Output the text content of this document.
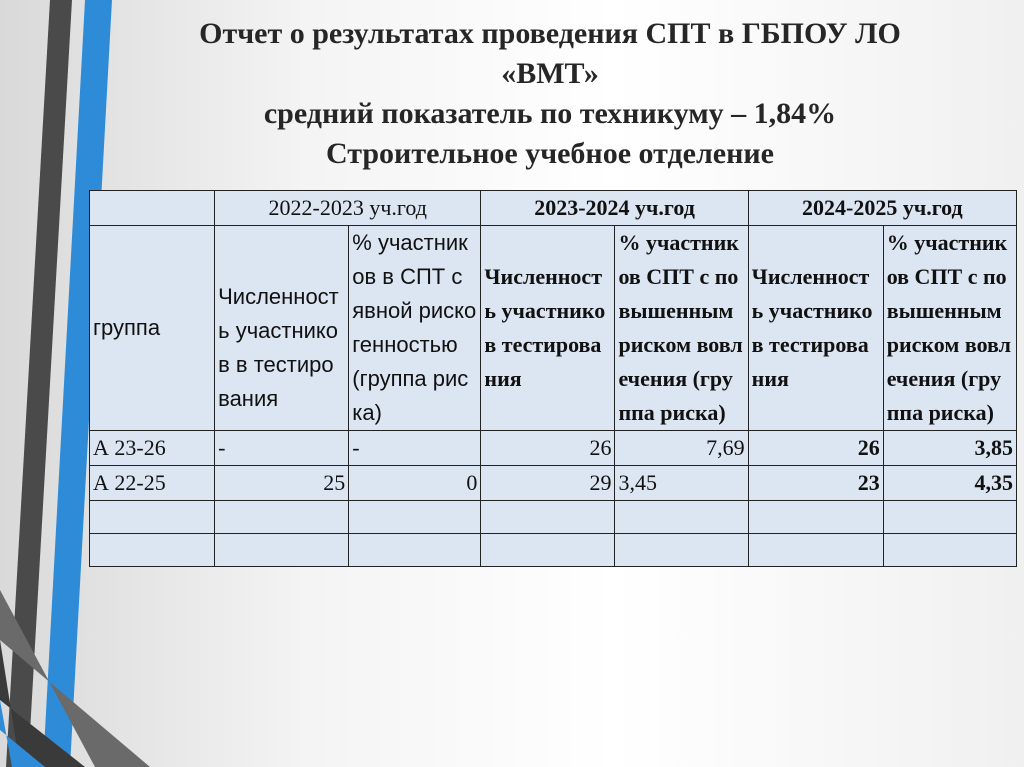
Отчет о результатах проведения СПТ в ГБПОУ ЛО
«ВМТ»
средний показатель по техникуму – 1,84%
Строительное учебное отделение
	2022-2023 уч.год		2023-2024 уч.год		2024-2025 уч.год	
группа	Численность участников в тестирования	% участников в СПТ с явной рискогенностью (группа риска)	Численность участников тестирования	% участников СПТ с повышенным риском вовлечения (группа риска)	Численность участников тестирования	% участников СПТ с повышенным риском вовлечения (группа риска)
А 23-26	-	-	26	7,69	26	3,85
А 22-25	25	0	29	3,45	23	4,35
